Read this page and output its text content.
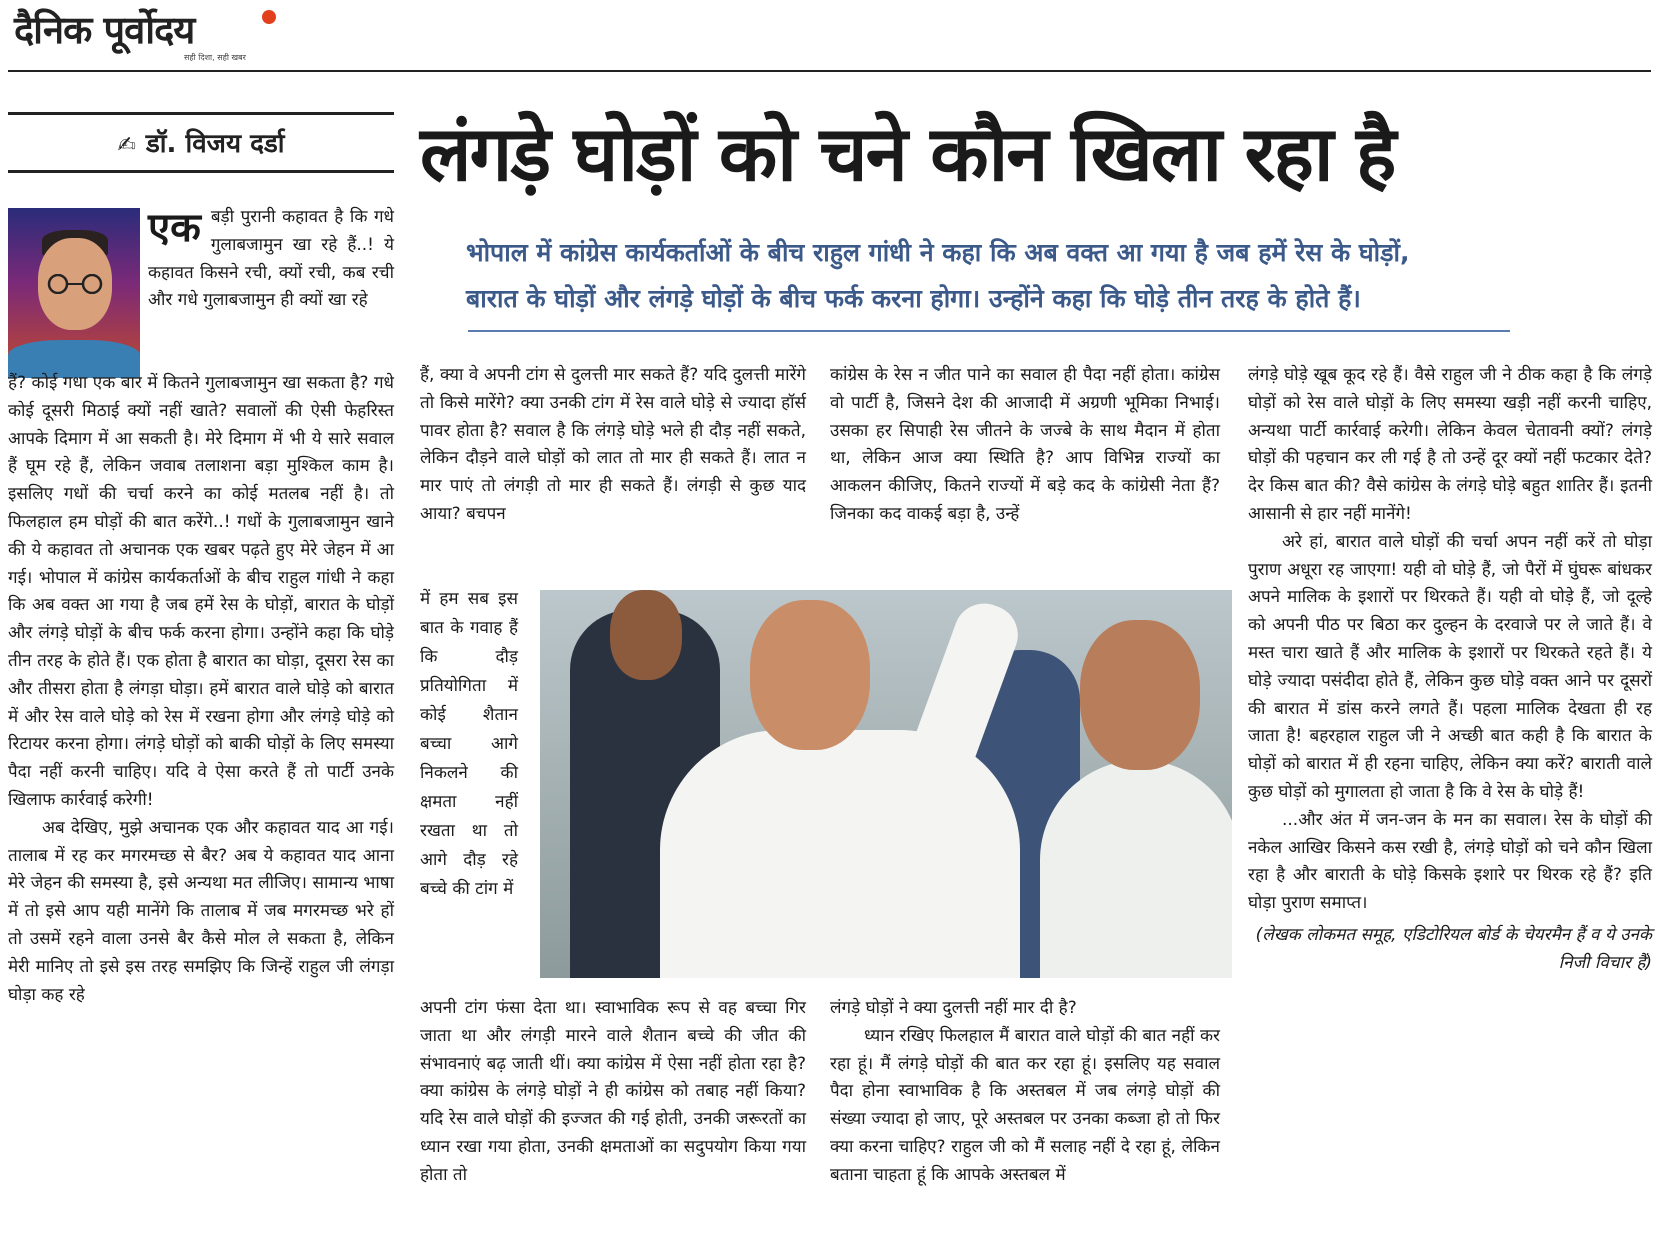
दैनिक पूर्वोदय
सही दिशा, सही खबर
✍ डॉ. विजय दर्डा	लंगड़े घोड़ों को चने कौन खिला रहा है
भोपाल में कांग्रेस कार्यकर्ताओं के बीच राहुल गांधी ने कहा कि अब वक्त आ गया है जब हमें रेस के घोड़ों,
बारात के घोड़ों और लंगड़े घोड़ों के बीच फर्क करना होगा। उन्होंने कहा कि घोड़े तीन तरह के होते हैं।
एक बड़ी पुरानी कहावत है कि गधे गुलाबजामुन खा रहे हैं..! ये कहावत किसने रची, क्यों रची, कब रची और गधे गुलाबजामुन ही क्यों खा रहे

हैं? कोई गधा एक बार में कितने गुलाबजामुन खा सकता है? गधे कोई दूसरी मिठाई क्यों नहीं खाते? सवालों की ऐसी फेहरिस्त आपके दिमाग में आ सकती है। मेरे दिमाग में भी ये सारे सवाल हैं घूम रहे हैं, लेकिन जवाब तलाशना बड़ा मुश्किल काम है। इसलिए गधों की चर्चा करने का कोई मतलब नहीं है। तो फिलहाल हम घोड़ों की बात करेंगे..! गधों के गुलाबजामुन खाने की ये कहावत तो अचानक एक खबर पढ़ते हुए मेरे जेहन में आ गई। भोपाल में कांग्रेस कार्यकर्ताओं के बीच राहुल गांधी ने कहा कि अब वक्त आ गया है जब हमें रेस के घोड़ों, बारात के घोड़ों और लंगड़े घोड़ों के बीच फर्क करना होगा। उन्होंने कहा कि घोड़े तीन तरह के होते हैं। एक होता है बारात का घोड़ा, दूसरा रेस का और तीसरा होता है लंगड़ा घोड़ा। हमें बारात वाले घोड़े को बारात में और रेस वाले घोड़े को रेस में रखना होगा और लंगड़े घोड़े को रिटायर करना होगा। लंगड़े घोड़ों को बाकी घोड़ों के लिए समस्या पैदा नहीं करनी चाहिए। यदि वे ऐसा करते हैं तो पार्टी उनके खिलाफ कार्रवाई करेगी!

अब देखिए, मुझे अचानक एक और कहावत याद आ गई। तालाब में रह कर मगरमच्छ से बैर? अब ये कहावत याद आना मेरे जेहन की समस्या है, इसे अन्यथा मत लीजिए। सामान्य भाषा में तो इसे आप यही मानेंगे कि तालाब में जब मगरमच्छ भरे हों तो उसमें रहने वाला उनसे बैर कैसे मोल ले सकता है, लेकिन मेरी मानिए तो इसे इस तरह समझिए कि जिन्हें राहुल जी लंगड़ा घोड़ा कह रहे

हैं, क्या वे अपनी टांग से दुलत्ती मार सकते हैं? यदि दुलत्ती मारेंगे तो किसे मारेंगे? क्या उनकी टांग में रेस वाले घोड़े से ज्यादा हॉर्स पावर होता है? सवाल है कि लंगड़े घोड़े भले ही दौड़ नहीं सकते, लेकिन दौड़ने वाले घोड़ों को लात तो मार ही सकते हैं। लात न मार पाएं तो लंगड़ी तो मार ही सकते हैं। लंगड़ी से कुछ याद आया? बचपन
में हम सब इस बात के गवाह हैं कि दौड़ प्रतियोगिता में कोई शैतान बच्चा आगे निकलने की क्षमता नहीं रखता था तो आगे दौड़ रहे बच्चे की टांग में
अपनी टांग फंसा देता था। स्वाभाविक रूप से वह बच्चा गिर जाता था और लंगड़ी मारने वाले शैतान बच्चे की जीत की संभावनाएं बढ़ जाती थीं। क्या कांग्रेस में ऐसा नहीं होता रहा है? क्या कांग्रेस के लंगड़े घोड़ों ने ही कांग्रेस को तबाह नहीं किया? यदि रेस वाले घोड़ों की इज्जत की गई होती, उनकी जरूरतों का ध्यान रखा गया होता, उनकी क्षमताओं का सदुपयोग किया गया होता तो
कांग्रेस के रेस न जीत पाने का सवाल ही पैदा नहीं होता। कांग्रेस वो पार्टी है, जिसने देश की आजादी में अग्रणी भूमिका निभाई। उसका हर सिपाही रेस जीतने के जज्बे के साथ मैदान में होता था, लेकिन आज क्या स्थिति है? आप विभिन्न राज्यों का आकलन कीजिए, कितने राज्यों में बड़े कद के कांग्रेसी नेता हैं? जिनका कद वाकई बड़ा है, उन्हें

लंगड़े घोड़ों ने क्या दुलत्ती नहीं मार दी है?

ध्यान रखिए फिलहाल मैं बारात वाले घोड़ों की बात नहीं कर रहा हूं। मैं लंगड़े घोड़ों की बात कर रहा हूं। इसलिए यह सवाल पैदा होना स्वाभाविक है कि अस्तबल में जब लंगड़े घोड़ों की संख्या ज्यादा हो जाए, पूरे अस्तबल पर उनका कब्जा हो तो फिर क्या करना चाहिए? राहुल जी को मैं सलाह नहीं दे रहा हूं, लेकिन बताना चाहता हूं कि आपके अस्तबल में

लंगड़े घोड़े खूब कूद रहे हैं। वैसे राहुल जी ने ठीक कहा है कि लंगड़े घोड़ों को रेस वाले घोड़ों के लिए समस्या खड़ी नहीं करनी चाहिए, अन्यथा पार्टी कार्रवाई करेगी। लेकिन केवल चेतावनी क्यों? लंगड़े घोड़ों की पहचान कर ली गई है तो उन्हें दूर क्यों नहीं फटकार देते? देर किस बात की? वैसे कांग्रेस के लंगड़े घोड़े बहुत शातिर हैं। इतनी आसानी से हार नहीं मानेंगे!

अरे हां, बारात वाले घोड़ों की चर्चा अपन नहीं करें तो घोड़ा पुराण अधूरा रह जाएगा! यही वो घोड़े हैं, जो पैरों में घुंघरू बांधकर अपने मालिक के इशारों पर थिरकते हैं। यही वो घोड़े हैं, जो दूल्हे को अपनी पीठ पर बिठा कर दुल्हन के दरवाजे पर ले जाते हैं। वे मस्त चारा खाते हैं और मालिक के इशारों पर थिरकते रहते हैं। ये घोड़े ज्यादा पसंदीदा होते हैं, लेकिन कुछ घोड़े वक्त आने पर दूसरों की बारात में डांस करने लगते हैं। पहला मालिक देखता ही रह जाता है! बहरहाल राहुल जी ने अच्छी बात कही है कि बारात के घोड़ों को बारात में ही रहना चाहिए, लेकिन क्या करें? बाराती वाले कुछ घोड़ों को मुगालता हो जाता है कि वे रेस के घोड़े हैं!

...और अंत में जन-जन के मन का सवाल। रेस के घोड़ों की नकेल आखिर किसने कस रखी है, लंगड़े घोड़ों को चने कौन खिला रहा है और बाराती के घोड़े किसके इशारे पर थिरक रहे हैं? इति घोड़ा पुराण समाप्त।

(लेखक लोकमत समूह, एडिटोरियल बोर्ड के चेयरमैन हैं व ये उनके निजी विचार हैं)
